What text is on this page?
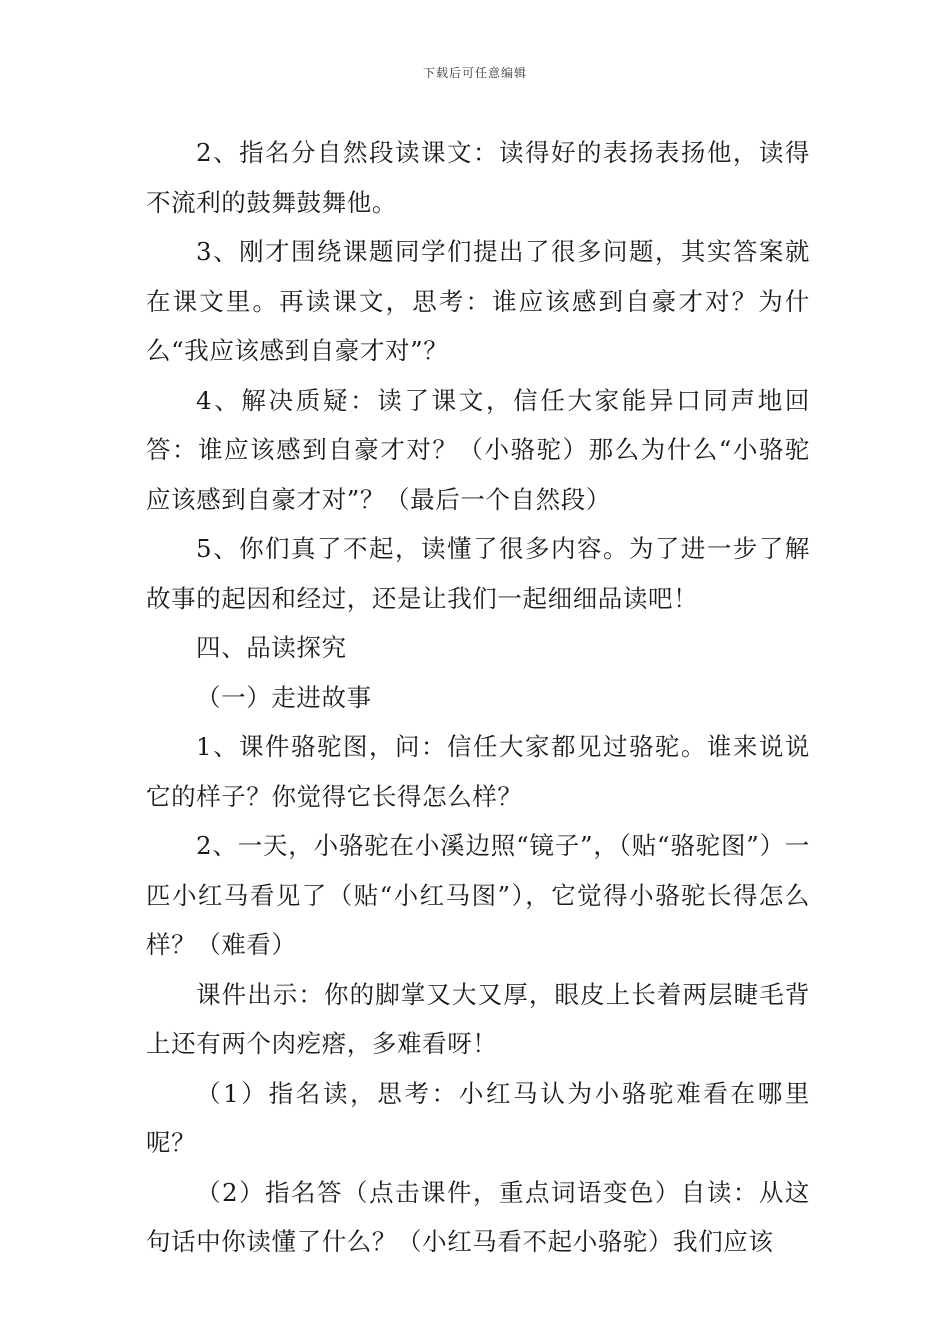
下载后可任意编辑

2、指名分自然段读课文：读得好的表扬表扬他，读得不流利的鼓舞鼓舞他。

3、刚才围绕课题同学们提出了很多问题，其实答案就在课文里。再读课文，思考：谁应该感到自豪才对？为什么“我应该感到自豪才对”？

4、解决质疑：读了课文，信任大家能异口同声地回答：谁应该感到自豪才对？（小骆驼）那么为什么“小骆驼应该感到自豪才对”？（最后一个自然段）

5、你们真了不起，读懂了很多内容。为了进一步了解故事的起因和经过，还是让我们一起细细品读吧！

四、品读探究

（一）走进故事

1、课件骆驼图，问：信任大家都见过骆驼。谁来说说它的样子？你觉得它长得怎么样？

2、一天，小骆驼在小溪边照“镜子”，（贴“骆驼图”）一匹小红马看见了（贴“小红马图”），它觉得小骆驼长得怎么样？（难看）

课件出示：你的脚掌又大又厚，眼皮上长着两层睫毛背上还有两个肉疙瘩，多难看呀！

（1）指名读，思考：小红马认为小骆驼难看在哪里呢？

（2）指名答（点击课件，重点词语变色）自读：从这句话中你读懂了什么？（小红马看不起小骆驼）我们应该
